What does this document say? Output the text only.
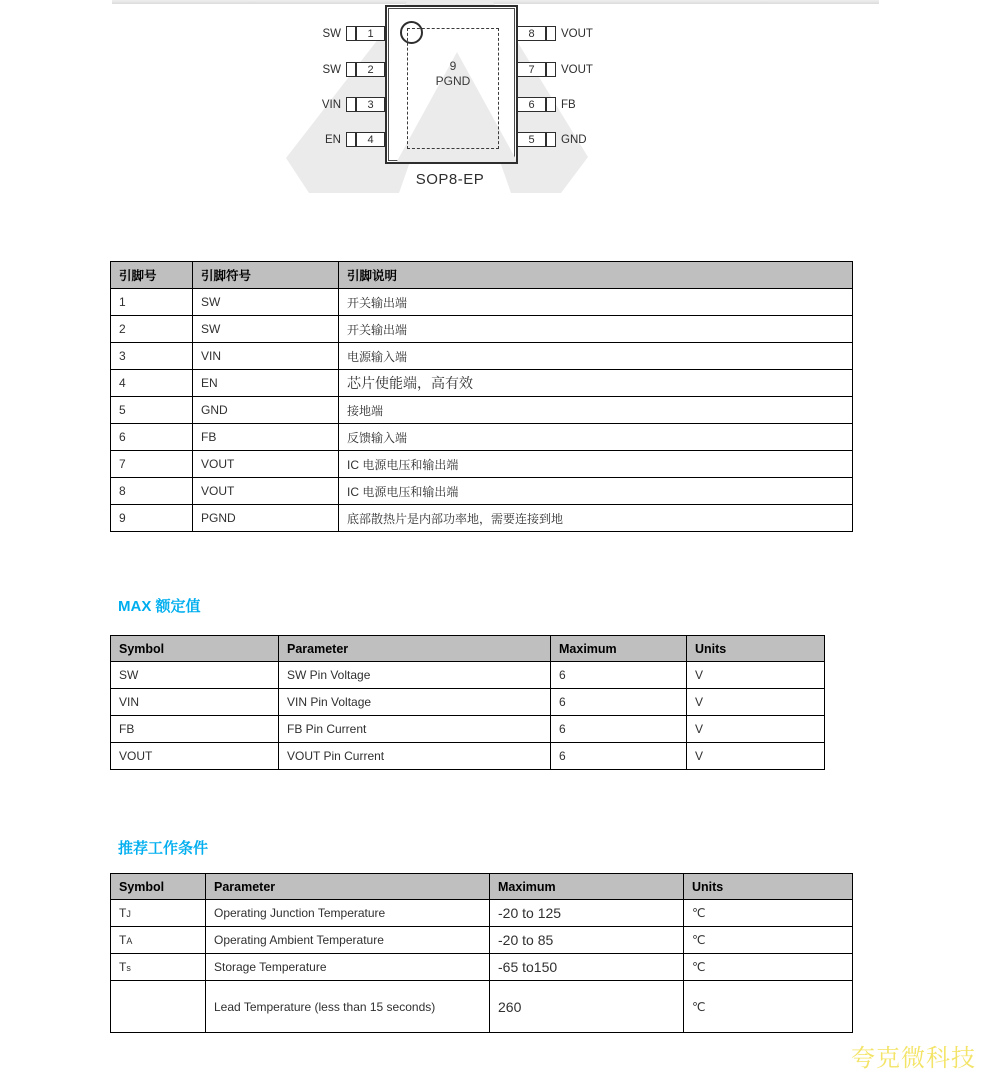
9
PGND
SW	1
SW	2
VIN	3
EN	4
8	VOUT
7	VOUT
6	FB
5	GND
SOP8-EP
引脚号	引脚符号	引脚说明
1	SW	开关输出端
2	SW	开关输出端
3	VIN	电源输入端
4	EN	芯片使能端，高有效
5	GND	接地端
6	FB	反馈输入端
7	VOUT	IC 电源电压和输出端
8	VOUT	IC 电源电压和输出端
9	PGND	底部散热片是内部功率地，需要连接到地
MAX 额定值
Symbol	Parameter	Maximum	Units
SW	SW Pin Voltage	6	V
VIN	VIN Pin Voltage	6	V
FB	FB Pin Current	6	V
VOUT	VOUT Pin Current	6	V
推荐工作条件
Symbol	Parameter	Maximum	Units
TJ	Operating Junction Temperature	-20 to 125	℃
TA	Operating Ambient Temperature	-20 to 85	℃
Ts	Storage Temperature	-65 to150	℃
	Lead Temperature (less than 15 seconds)	260	℃
夸克微科技
